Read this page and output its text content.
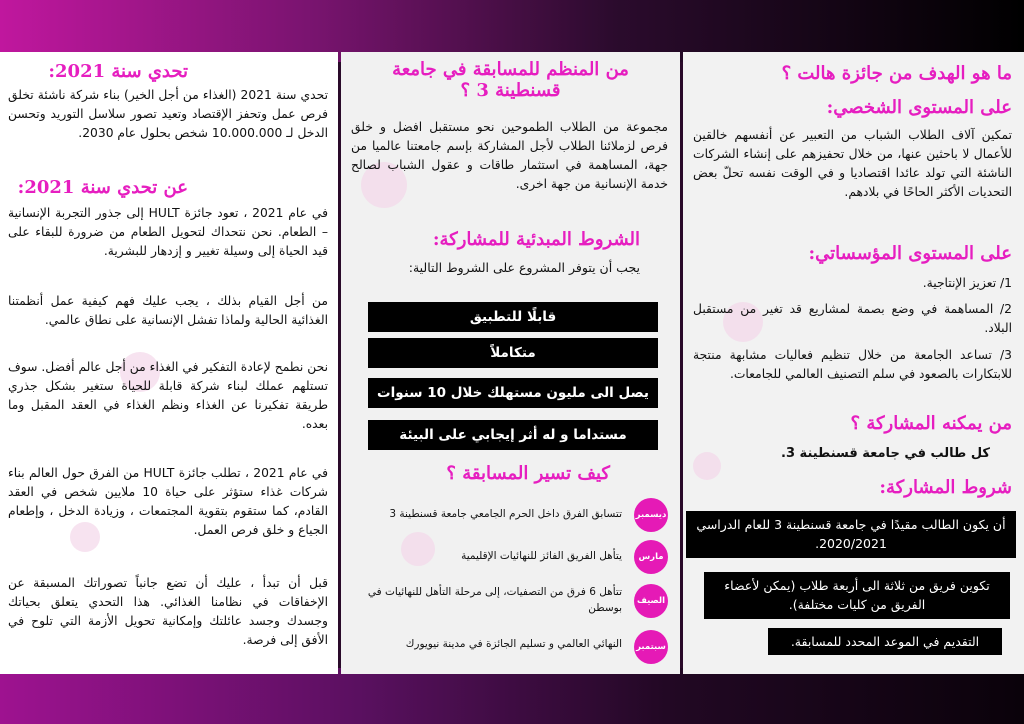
ما هو الهدف من جائزة هالت ؟
على المستوى الشخصي:

تمكين آلاف الطلاب الشباب من التعبير عن أنفسهم خالقين للأعمال لا باحثين عنها، من خلال تحفيزهم على إنشاء الشركات الناشئة التي تولد عائدا اقتصاديا و في الوقت نفسه تحلّ بعض التحديات الأكثر الحاحًا في بلادهم.

على المستوى المؤسساتي:

1/ تعزيز الإنتاجية.

2/ المساهمة في وضع بصمة لمشاريع قد تغير من مستقبل البلاد.

3/ تساعد الجامعة من خلال تنظيم فعاليات مشابهة منتجة للابتكارات بالصعود في سلم التصنيف العالمي للجامعات.

من يمكنه المشاركة ؟

كل طالب في جامعة قسنطينة 3.

شروط المشاركة:
أن يكون الطالب مقيدًا في جامعة قسنطينة 3 للعام الدراسي 2020/2021.
تكوين فريق من ثلاثة الى أربعة طلاب (يمكن لأعضاء الفريق من كليات مختلفة).
التقديم في الموعد المحدد للمسابقة.
من المنظم للمسابقة في جامعة قسنطينة 3 ؟

مجموعة من الطلاب الطموحين نحو مستقبل افضل و خلق فرص لزملائنا الطلاب لأجل المشاركة بإسم جامعتنا عالميا من جهة، المساهمة في استثمار طاقات و عقول الشباب لصالح خدمة الإنسانية من جهة اخرى.

الشروط المبدئية للمشاركة:

يجب أن يتوفر المشروع على الشروط التالية:

قابلًا للتطبيق
متكاملاً
يصل الى مليون مستهلك خلال 10 سنوات
مستداما و له أثر إيجابي على البيئة
كيف تسير المسابقة ؟
ديسمبر
تتسابق الفرق داخل الحرم الجامعي جامعة قسنطينة 3
مارس
يتأهل الفريق الفائز للنهائيات الإقليمية
الصيف
تتأهل 6 فرق من التصفيات، إلى مرحلة التأهل للنهائيات في بوسطن
سبتمبر
النهائي العالمي و تسليم الجائزة في مدينة نيويورك
تحدي سنة 2021:

تحدي سنة 2021 (الغذاء من أجل الخير) بناء شركة ناشئة تخلق فرص عمل وتحفز الإقتصاد وتعيد تصور سلاسل التوريد وتحسن الدخل لـ 10.000.000 شخص بحلول عام 2030.

عن تحدي سنة 2021:

في عام 2021 ، تعود جائزة HULT إلى جذور التجربة الإنسانية – الطعام. نحن نتحداك لتحويل الطعام من ضرورة للبقاء على قيد الحياة إلى وسيلة تغيير و إزدهار للبشرية.

من أجل القيام بذلك ، يجب عليك فهم كيفية عمل أنظمتنا الغذائية الحالية ولماذا تفشل الإنسانية على نطاق عالمي.

نحن نطمح لإعادة التفكير في الغذاء من أجل عالم أفضل. سوف تستلهم عملك لبناء شركة قابلة للحياة ستغير بشكل جذري طريقة تفكيرنا عن الغذاء ونظم الغذاء في العقد المقبل وما بعده.

في عام 2021 ، تطلب جائزة HULT من الفرق حول العالم بناء شركات غذاء ستؤثر على حياة 10 ملايين شخص في العقد القادم، كما ستقوم بتقوية المجتمعات ، وزيادة الدخل ، وإطعام الجياع و خلق فرص العمل.

قبل أن تبدأ ، عليك أن تضع جانباً تصوراتك المسبقة عن الإخفاقات في نظامنا الغذائي. هذا التحدي يتعلق بحياتك وجسدك وجسد عائلتك وإمكانية تحويل الأزمة التي تلوح في الأفق إلى فرصة.
